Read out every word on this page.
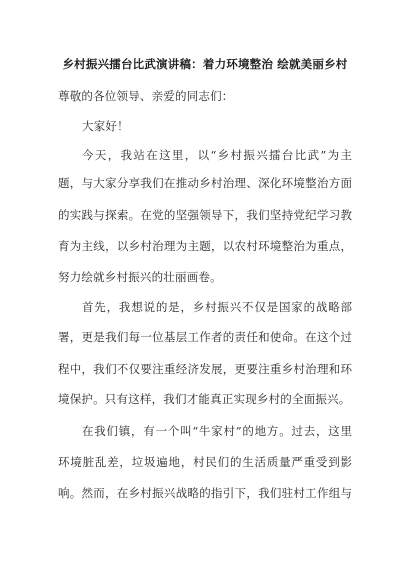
乡村振兴擂台比武演讲稿：着力环境整治 绘就美丽乡村
尊敬的各位领导、亲爱的同志们：
大家好！
今天，我站在这里，以“乡村振兴擂台比武”为主
题，与大家分享我们在推动乡村治理、深化环境整治方面
的实践与探索。在党的坚强领导下，我们坚持党纪学习教
育为主线，以乡村治理为主题，以农村环境整治为重点，
努力绘就乡村振兴的壮丽画卷。
首先，我想说的是，乡村振兴不仅是国家的战略部
署，更是我们每一位基层工作者的责任和使命。在这个过
程中，我们不仅要注重经济发展，更要注重乡村治理和环
境保护。只有这样，我们才能真正实现乡村的全面振兴。
在我们镇，有一个叫“牛家村”的地方。过去，这里
环境脏乱差，垃圾遍地，村民们的生活质量严重受到影
响。然而，在乡村振兴战略的指引下，我们驻村工作组与
